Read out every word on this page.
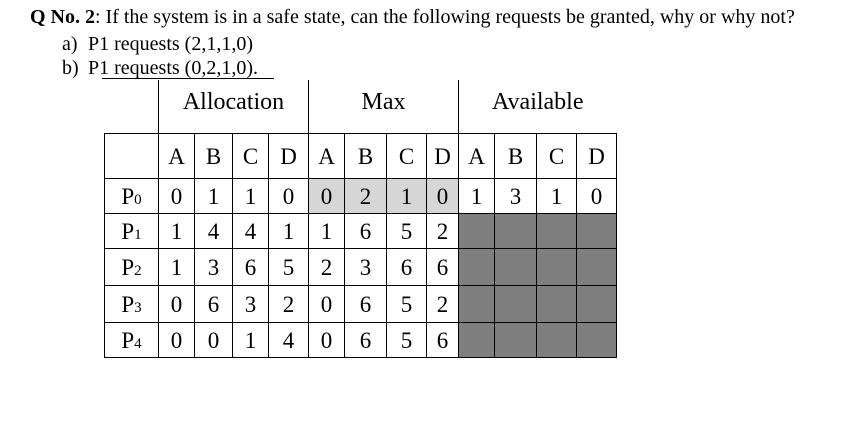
Q No. 2: If the system is in a safe state, can the following requests be granted, why or why not?
a) P1 requests (2,1,1,0)
b) P1 requests (0,2,1,0).
	Allocation				Max				Available			
	A	B	C	D	A	B	C	D	A	B	C	D
P0	0	1	1	0	0	2	1	0	1	3	1	0
P1	1	4	4	1	1	6	5	2				
P2	1	3	6	5	2	3	6	6				
P3	0	6	3	2	0	6	5	2				
P4	0	0	1	4	0	6	5	6				
